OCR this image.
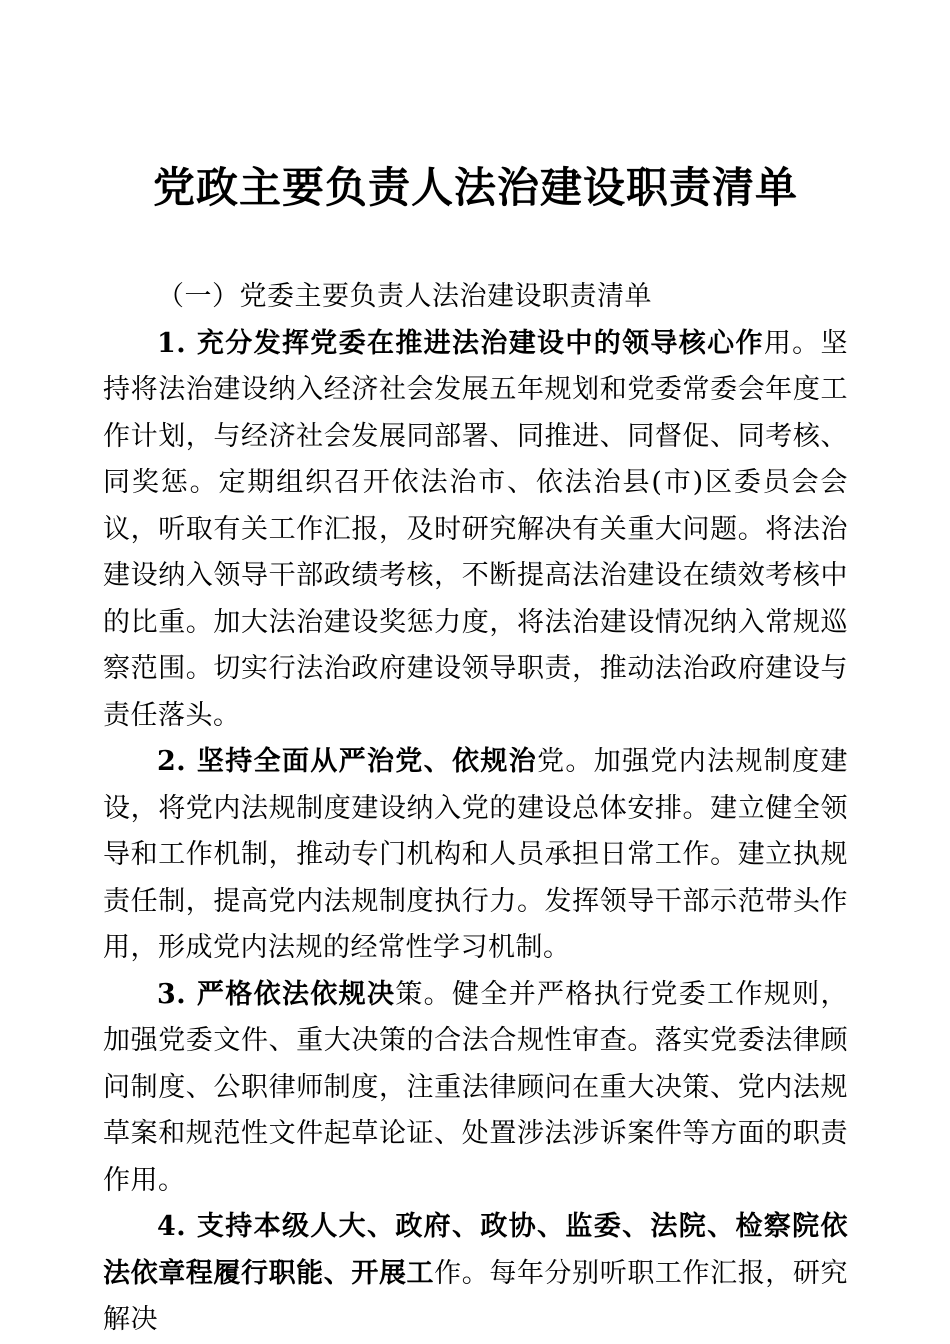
党政主要负责人法治建设职责清单

（一）党委主要负责人法治建设职责清单

1. 充分发挥党委在推进法治建设中的领导核心作用。坚持将法治建设纳入经济社会发展五年规划和党委常委会年度工作计划，与经济社会发展同部署、同推进、同督促、同考核、同奖惩。定期组织召开依法治市、依法治县(市)区委员会会议，听取有关工作汇报，及时研究解决有关重大问题。将法治建设纳入领导干部政绩考核，不断提高法治建设在绩效考核中的比重。加大法治建设奖惩力度，将法治建设情况纳入常规巡察范围。切实行法治政府建设领导职责，推动法治政府建设与责任落头。

2. 坚持全面从严治党、依规治党。加强党内法规制度建设，将党内法规制度建设纳入党的建设总体安排。建立健全领导和工作机制，推动专门机构和人员承担日常工作。建立执规责任制，提高党内法规制度执行力。发挥领导干部示范带头作用，形成党内法规的经常性学习机制。

3. 严格依法依规决策。健全并严格执行党委工作规则，加强党委文件、重大决策的合法合规性审查。落实党委法律顾问制度、公职律师制度，注重法律顾问在重大决策、党内法规草案和规范性文件起草论证、处置涉法涉诉案件等方面的职责作用。

4. 支持本级人大、政府、政协、监委、法院、检察院依法依章程履行职能、开展工作。每年分别听职工作汇报，研究解决
